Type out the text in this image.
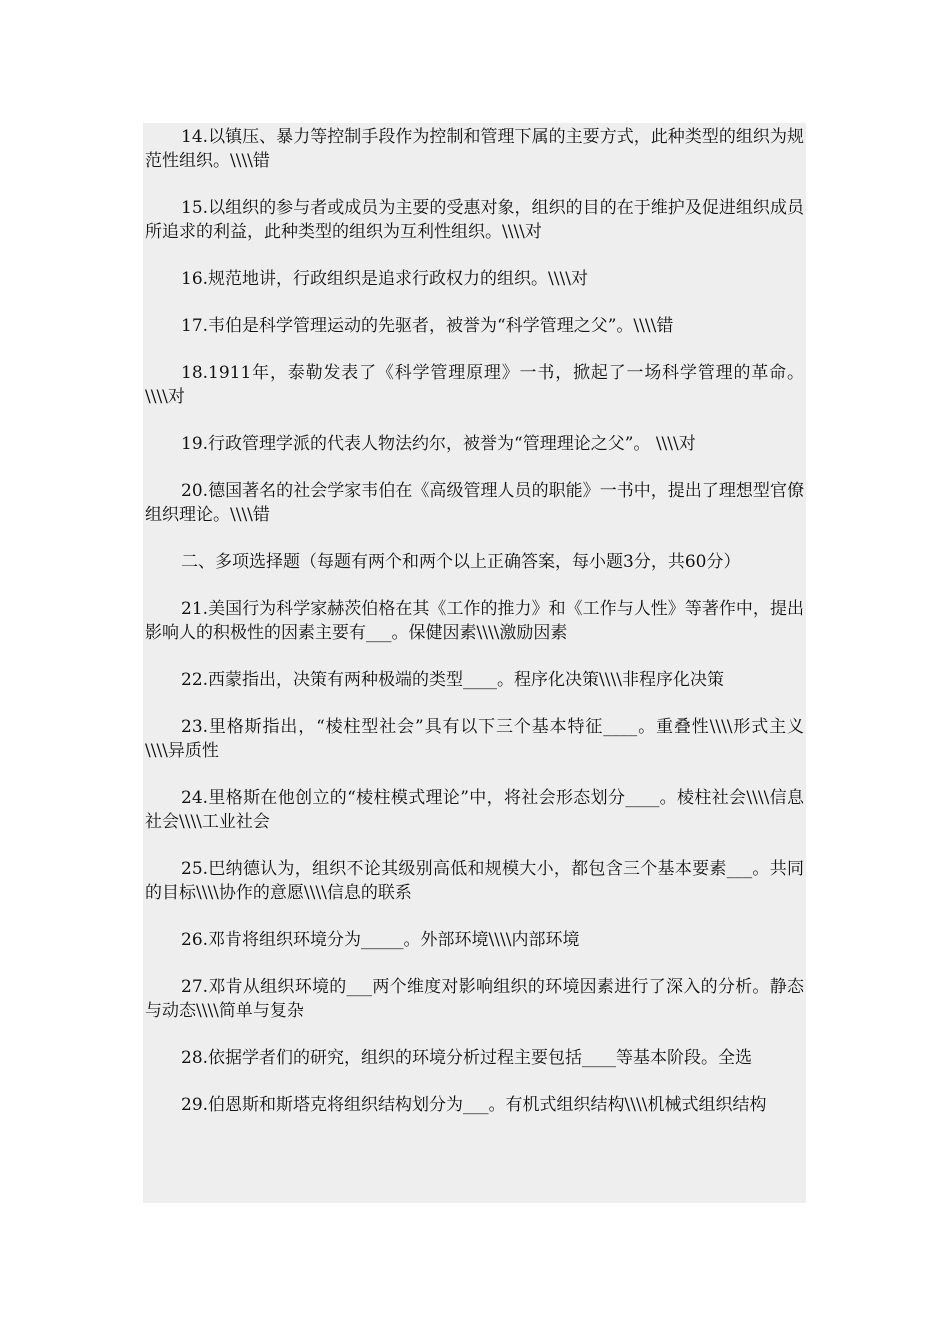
14.以镇压、暴力等控制手段作为控制和管理下属的主要方式，此种类型的组织为规范性组织。\\\\错

15.以组织的参与者或成员为主要的受惠对象，组织的目的在于维护及促进组织成员所追求的利益，此种类型的组织为互利性组织。\\\\对

16.规范地讲，行政组织是追求行政权力的组织。\\\\对

17.韦伯是科学管理运动的先驱者，被誉为“科学管理之父”。\\\\错

18.1911年，泰勒发表了《科学管理原理》一书，掀起了一场科学管理的革命。\\\\对

19.行政管理学派的代表人物法约尔，被誉为“管理理论之父”。 \\\\对

20.德国著名的社会学家韦伯在《高级管理人员的职能》一书中，提出了理想型官僚组织理论。\\\\错

二、多项选择题（每题有两个和两个以上正确答案，每小题3分，共60分）

21.美国行为科学家赫茨伯格在其《工作的推力》和《工作与人性》等著作中，提出影响人的积极性的因素主要有___。保健因素\\\\激励因素

22.西蒙指出，决策有两种极端的类型____。程序化决策\\\\非程序化决策

23.里格斯指出，“棱柱型社会”具有以下三个基本特征____。重叠性\\\\形式主义\\\\异质性

24.里格斯在他创立的“棱柱模式理论”中，将社会形态划分____。棱柱社会\\\\信息社会\\\\工业社会

25.巴纳德认为，组织不论其级别高低和规模大小，都包含三个基本要素___。共同的目标\\\\协作的意愿\\\\信息的联系

26.邓肯将组织环境分为_____。外部环境\\\\内部环境

27.邓肯从组织环境的___两个维度对影响组织的环境因素进行了深入的分析。静态与动态\\\\简单与复杂

28.依据学者们的研究，组织的环境分析过程主要包括____等基本阶段。全选

29.伯恩斯和斯塔克将组织结构划分为___。有机式组织结构\\\\机械式组织结构
